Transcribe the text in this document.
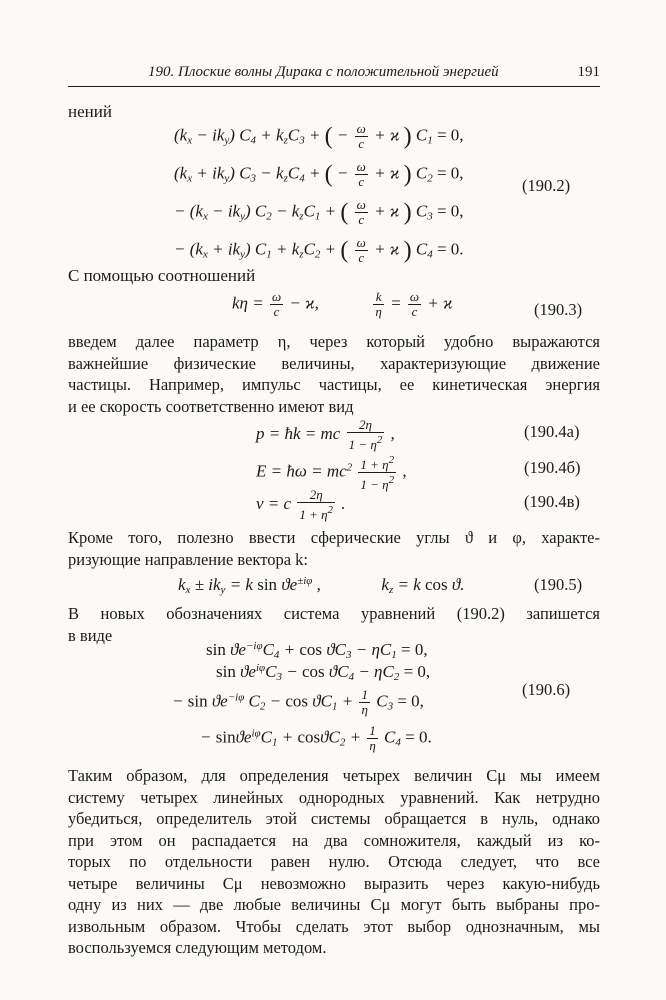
190. Плоские волны Дирака с положительной энергией	191
нений
$(k_x - ik_y) C_4 + k_zC_3$ + ( − $\frac{\omega}{c} + ϰ$ ) $C_1 = 0$,
$(k_x + ik_y) C_3 - k_zC_4$ + ( − $\frac{\omega}{c} + ϰ$ ) $C_2 = 0$,
− $(k_x - ik_y) C_2 - k_zC_1$ + ( $\frac{\omega}{c} + ϰ$ ) $C_3 = 0$,
− $(k_x + ik_y) C_1 + k_zC_2$ + ( $\frac{\omega}{c} + ϰ$ ) $C_4 = 0$.
(190.2)
С помощью соотношений
$k\eta = \frac{\omega}{c} - ϰ$,	$\frac{k}{\eta} = \frac{\omega}{c} + ϰ$	(190.3)
введем далее параметр η, через который удобно выражаются
важнейшие физические величины, характеризующие движение
частицы. Например, импульс частицы, ее кинетическая энергия
и ее скорость соответственно имеют вид
p = ħk = mc $\frac{2\eta}{1 - \eta^2}$ ,	(190.4а)
E = ħω = $mc^2 \frac{1 + \eta^2}{1 - \eta^2}$ ,	(190.4б)
v = c $\frac{2\eta}{1 + \eta^2}$ .	(190.4в)
Кроме того, полезно ввести сферические углы ϑ и φ, характе-
ризующие направление вектора k:
$k_x \pm ik_y = k$ $\sin ϑe^{\pm i\varphi}$ ,	$k_z = k$ cos ϑ.	(190.5)
В новых обозначениях система уравнений (190.2) запишется
в виде
$\sin ϑe^{-i\varphi}C_4 + \cos ϑC_3 - \eta C_1 = 0$,
$\sin ϑe^{i\varphi}C_3 - \cos ϑC_4 - \eta C_2 = 0$,
− $\sin ϑe^{-i\varphi}$ $C_2 - \cos ϑC_1 + \frac{1}{\eta} C_3 = 0$,
− $\sin ϑe^{i\varphi}C_1 + \cos ϑC_2 + \frac{1}{\eta} C_4 = 0$.
(190.6)
Таким образом, для определения четырех величин Cμ мы имеем
систему четырех линейных однородных уравнений. Как нетрудно
убедиться, определитель этой системы обращается в нуль, однако
при этом он распадается на два сомножителя, каждый из ко-
торых по отдельности равен нулю. Отсюда следует, что все
четыре величины Cμ невозможно выразить через какую-нибудь
одну из них — две любые величины Cμ могут быть выбраны про-
извольным образом. Чтобы сделать этот выбор однозначным, мы
воспользуемся следующим методом.
